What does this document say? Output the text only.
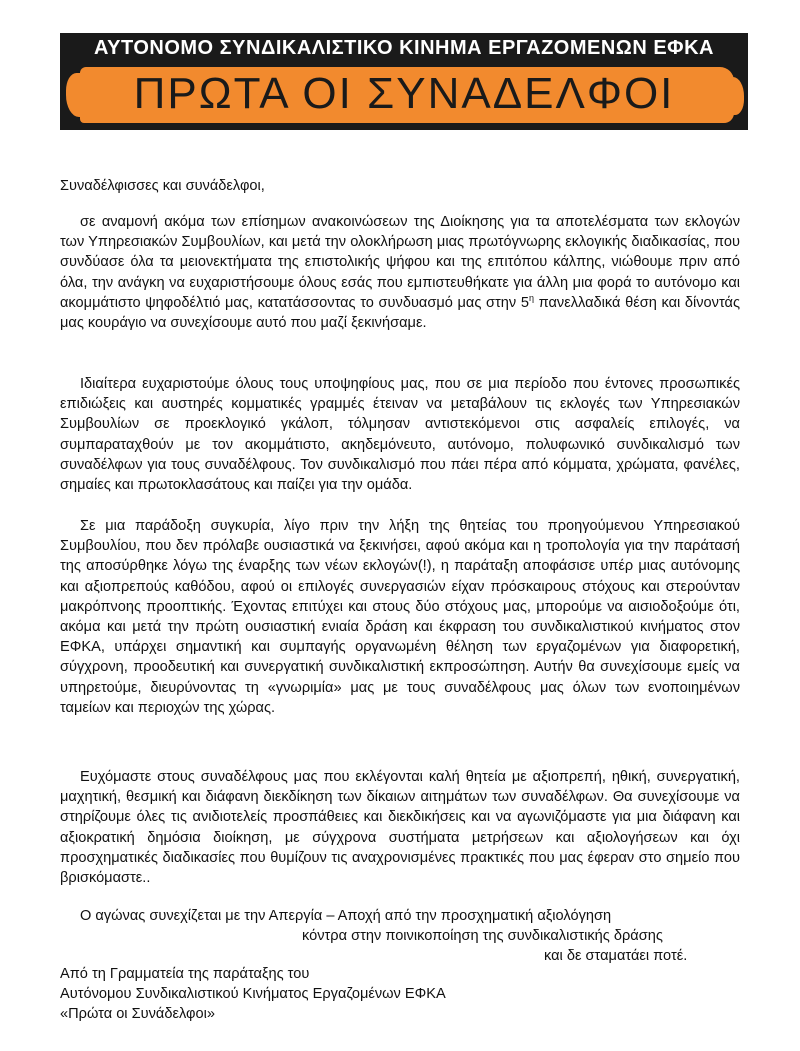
ΑΥΤΟΝΟΜΟ ΣΥΝΔΙΚΑΛΙΣΤΙΚΟ ΚΙΝΗΜΑ ΕΡΓΑΖΟΜΕΝΩΝ ΕΦΚΑ
ΠΡΩΤΑ ΟΙ ΣΥΝΑΔΕΛΦΟΙ
Συναδέλφισσες και συνάδελφοι,
σε αναμονή ακόμα των επίσημων ανακοινώσεων της Διοίκησης για τα αποτελέσματα των εκλογών των Υπηρεσιακών Συμβουλίων, και μετά την ολοκλήρωση μιας πρωτόγνωρης εκλογικής διαδικασίας, που συνδύασε όλα τα μειονεκτήματα της επιστολικής ψήφου και της επιτόπου κάλπης, νιώθουμε πριν από όλα, την ανάγκη να ευχαριστήσουμε όλους εσάς που εμπιστευθήκατε για άλλη μια φορά το αυτόνομο και ακομμάτιστο ψηφοδέλτιό μας, κατατάσσοντας το συνδυασμό μας στην $5^\eta$ πανελλαδικά θέση και δίνοντάς μας κουράγιο να συνεχίσουμε αυτό που μαζί ξεκινήσαμε.
Ιδιαίτερα ευχαριστούμε όλους τους υποψηφίους μας, που σε μια περίοδο που έντονες προσωπικές επιδιώξεις και αυστηρές κομματικές γραμμές έτειναν να μεταβάλουν τις εκλογές των Υπηρεσιακών Συμβουλίων σε προεκλογικό γκάλοπ, τόλμησαν αντιστεκόμενοι στις ασφαλείς επιλογές, να συμπαραταχθούν με τον ακομμάτιστο, ακηδεμόνευτο, αυτόνομο, πολυφωνικό συνδικαλισμό των συναδέλφων για τους συναδέλφους. Τον συνδικαλισμό που πάει πέρα από κόμματα, χρώματα, φανέλες, σημαίες και πρωτοκλασάτους και παίζει για την ομάδα.
Σε μια παράδοξη συγκυρία, λίγο πριν την λήξη της θητείας του προηγούμενου Υπηρεσιακού Συμβουλίου, που δεν πρόλαβε ουσιαστικά να ξεκινήσει, αφού ακόμα και η τροπολογία για την παράτασή της αποσύρθηκε λόγω της έναρξης των νέων εκλογών(!), η παράταξη αποφάσισε υπέρ μιας αυτόνομης και αξιοπρεπούς καθόδου, αφού οι επιλογές συνεργασιών είχαν πρόσκαιρους στόχους και στερούνταν μακρόπνοης προοπτικής. Έχοντας επιτύχει και στους δύο στόχους μας, μπορούμε να αισιοδοξούμε ότι, ακόμα και μετά την πρώτη ουσιαστική ενιαία δράση και έκφραση του συνδικαλιστικού κινήματος στον ΕΦΚΑ, υπάρχει σημαντική και συμπαγής οργανωμένη θέληση των εργαζομένων για διαφορετική, σύγχρονη, προοδευτική και συνεργατική συνδικαλιστική εκπροσώπηση. Αυτήν θα συνεχίσουμε εμείς να υπηρετούμε, διευρύνοντας τη «γνωριμία» μας με τους συναδέλφους μας όλων των ενοποιημένων ταμείων και περιοχών της χώρας.
Ευχόμαστε στους συναδέλφους μας που εκλέγονται καλή θητεία με αξιοπρεπή, ηθική, συνεργατική, μαχητική, θεσμική και διάφανη διεκδίκηση των δίκαιων αιτημάτων των συναδέλφων. Θα συνεχίσουμε να στηρίζουμε όλες τις ανιδιοτελείς προσπάθειες και διεκδικήσεις και να αγωνιζόμαστε για μια διάφανη και αξιοκρατική δημόσια διοίκηση, με σύγχρονα συστήματα μετρήσεων και αξιολογήσεων και όχι προσχηματικές διαδικασίες που θυμίζουν τις αναχρονισμένες πρακτικές που μας έφεραν στο σημείο που βρισκόμαστε..
Ο αγώνας συνεχίζεται με την Απεργία – Αποχή από την προσχηματική αξιολόγηση
κόντρα στην ποινικοποίηση της συνδικαλιστικής δράσης
και δε σταματάει ποτέ.
Από τη Γραμματεία της παράταξης του
Αυτόνομου Συνδικαλιστικού Κινήματος Εργαζομένων ΕΦΚΑ
«Πρώτα οι Συνάδελφοι»
